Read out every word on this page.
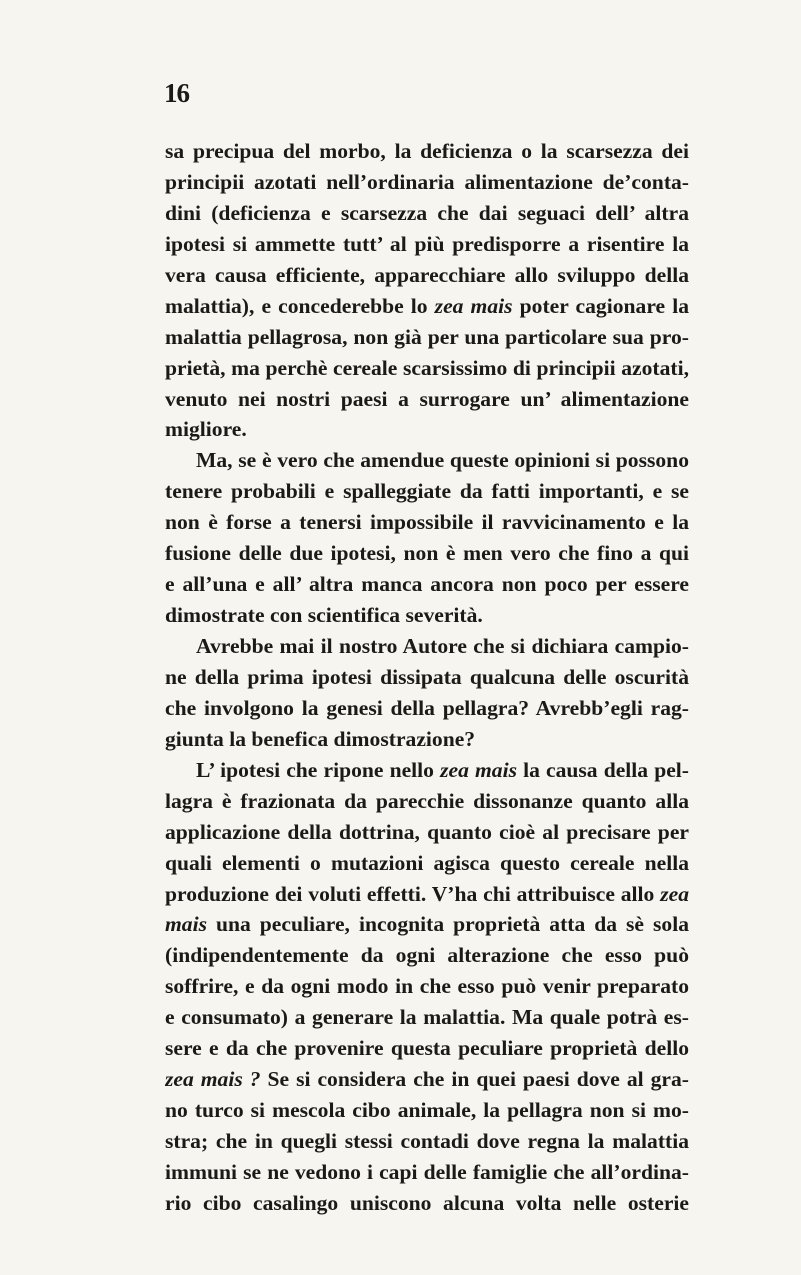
16
sa precipua del morbo, la deficienza o la scarsezza dei
principii azotati nell’ordinaria alimentazione de’conta-
dini (deficienza e scarsezza che dai seguaci dell’ altra
ipotesi si ammette tutt’ al più predisporre a risentire la
vera causa efficiente, apparecchiare allo sviluppo della
malattia), e concederebbe lo zea mais poter cagionare la
malattia pellagrosa, non già per una particolare sua pro-
prietà, ma perchè cereale scarsissimo di principii azotati,
venuto nei nostri paesi a surrogare un’ alimentazione
migliore.
Ma, se è vero che amendue queste opinioni si possono
tenere probabili e spalleggiate da fatti importanti, e se
non è forse a tenersi impossibile il ravvicinamento e la
fusione delle due ipotesi, non è men vero che fino a qui
e all’una e all’ altra manca ancora non poco per essere
dimostrate con scientifica severità.
Avrebbe mai il nostro Autore che si dichiara campio-
ne della prima ipotesi dissipata qualcuna delle oscurità
che involgono la genesi della pellagra? Avrebb’egli rag-
giunta la benefica dimostrazione?
L’ ipotesi che ripone nello zea mais la causa della pel-
lagra è frazionata da parecchie dissonanze quanto alla
applicazione della dottrina, quanto cioè al precisare per
quali elementi o mutazioni agisca questo cereale nella
produzione dei voluti effetti. V’ha chi attribuisce allo zea
mais una peculiare, incognita proprietà atta da sè sola
(indipendentemente da ogni alterazione che esso può
soffrire, e da ogni modo in che esso può venir preparato
e consumato) a generare la malattia. Ma quale potrà es-
sere e da che provenire questa peculiare proprietà dello
zea mais ? Se si considera che in quei paesi dove al gra-
no turco si mescola cibo animale, la pellagra non si mo-
stra; che in quegli stessi contadi dove regna la malattia
immuni se ne vedono i capi delle famiglie che all’ordina-
rio cibo casalingo uniscono alcuna volta nelle osterie
